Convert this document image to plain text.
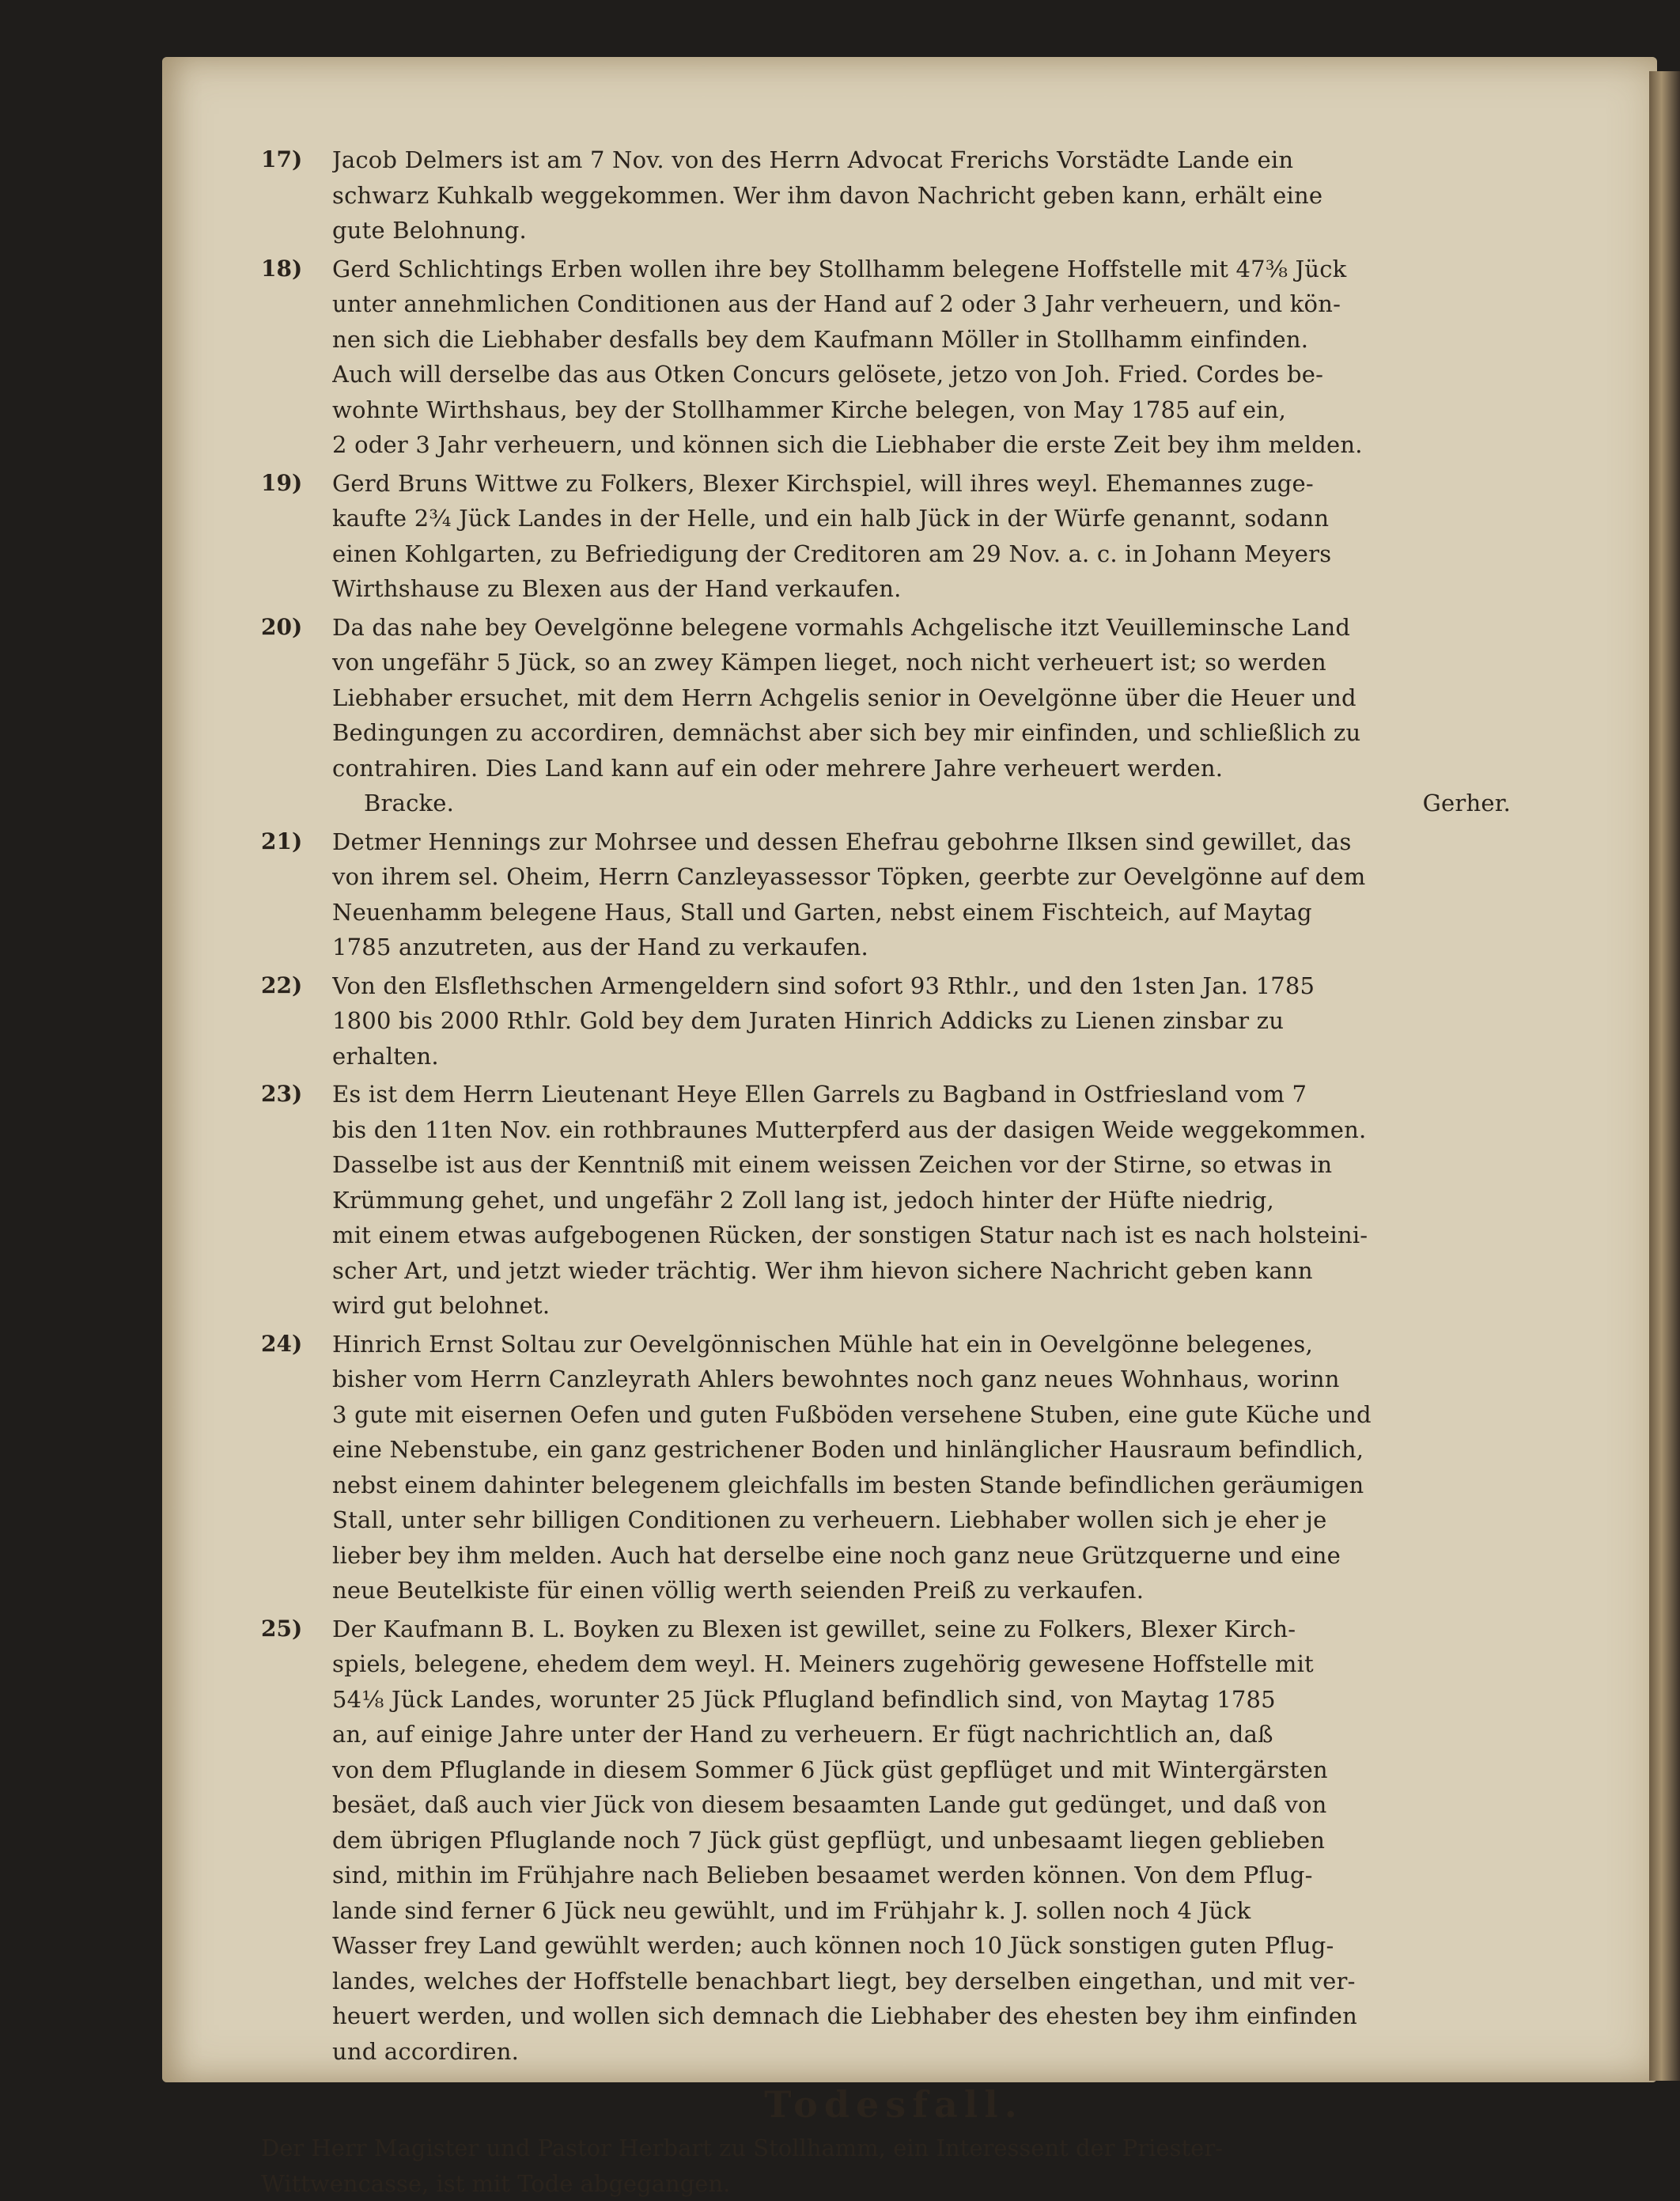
17)	Jacob Delmers ist am 7 Nov. von des Herrn Advocat Frerichs Vorstädte Lande ein
schwarz Kuhkalb weggekommen. Wer ihm davon Nachricht geben kann, erhält eine
gute Belohnung.
18)	Gerd Schlichtings Erben wollen ihre bey Stollhamm belegene Hoffstelle mit 47⅜ Jück
unter annehmlichen Conditionen aus der Hand auf 2 oder 3 Jahr verheuern, und kön-
nen sich die Liebhaber desfalls bey dem Kaufmann Möller in Stollhamm einfinden.
Auch will derselbe das aus Otken Concurs gelösete, jetzo von Joh. Fried. Cordes be-
wohnte Wirthshaus, bey der Stollhammer Kirche belegen, von May 1785 auf ein,
2 oder 3 Jahr verheuern, und können sich die Liebhaber die erste Zeit bey ihm melden.
19)	Gerd Bruns Wittwe zu Folkers, Blexer Kirchspiel, will ihres weyl. Ehemannes zuge-
kaufte 2¾ Jück Landes in der Helle, und ein halb Jück in der Würfe genannt, sodann
einen Kohlgarten, zu Befriedigung der Creditoren am 29 Nov. a. c. in Johann Meyers
Wirthshause zu Blexen aus der Hand verkaufen.
20)	Da das nahe bey Oevelgönne belegene vormahls Achgelische itzt Veuilleminsche Land
von ungefähr 5 Jück, so an zwey Kämpen lieget, noch nicht verheuert ist; so werden
Liebhaber ersuchet, mit dem Herrn Achgelis senior in Oevelgönne über die Heuer und
Bedingungen zu accordiren, demnächst aber sich bey mir einfinden, und schließlich zu
contrahiren. Dies Land kann auf ein oder mehrere Jahre verheuert werden.
Bracke.	Gerher.
21)	Detmer Hennings zur Mohrsee und dessen Ehefrau gebohrne Ilksen sind gewillet, das
von ihrem sel. Oheim, Herrn Canzleyassessor Töpken, geerbte zur Oevelgönne auf dem
Neuenhamm belegene Haus, Stall und Garten, nebst einem Fischteich, auf Maytag
1785 anzutreten, aus der Hand zu verkaufen.
22)	Von den Elsflethschen Armengeldern sind sofort 93 Rthlr., und den 1sten Jan. 1785
1800 bis 2000 Rthlr. Gold bey dem Juraten Hinrich Addicks zu Lienen zinsbar zu
erhalten.
23)	Es ist dem Herrn Lieutenant Heye Ellen Garrels zu Bagband in Ostfriesland vom 7
bis den 11ten Nov. ein rothbraunes Mutterpferd aus der dasigen Weide weggekommen.
Dasselbe ist aus der Kenntniß mit einem weissen Zeichen vor der Stirne, so etwas in
Krümmung gehet, und ungefähr 2 Zoll lang ist, jedoch hinter der Hüfte niedrig,
mit einem etwas aufgebogenen Rücken, der sonstigen Statur nach ist es nach holsteini-
scher Art, und jetzt wieder trächtig. Wer ihm hievon sichere Nachricht geben kann
wird gut belohnet.
24)	Hinrich Ernst Soltau zur Oevelgönnischen Mühle hat ein in Oevelgönne belegenes,
bisher vom Herrn Canzleyrath Ahlers bewohntes noch ganz neues Wohnhaus, worinn
3 gute mit eisernen Oefen und guten Fußböden versehene Stuben, eine gute Küche und
eine Nebenstube, ein ganz gestrichener Boden und hinlänglicher Hausraum befindlich,
nebst einem dahinter belegenem gleichfalls im besten Stande befindlichen geräumigen
Stall, unter sehr billigen Conditionen zu verheuern. Liebhaber wollen sich je eher je
lieber bey ihm melden. Auch hat derselbe eine noch ganz neue Grützquerne und eine
neue Beutelkiste für einen völlig werth seienden Preiß zu verkaufen.
25)	Der Kaufmann B. L. Boyken zu Blexen ist gewillet, seine zu Folkers, Blexer Kirch-
spiels, belegene, ehedem dem weyl. H. Meiners zugehörig gewesene Hoffstelle mit
54⅛ Jück Landes, worunter 25 Jück Pflugland befindlich sind, von Maytag 1785
an, auf einige Jahre unter der Hand zu verheuern. Er fügt nachrichtlich an, daß
von dem Pfluglande in diesem Sommer 6 Jück güst gepflüget und mit Wintergärsten
besäet, daß auch vier Jück von diesem besaamten Lande gut gedünget, und daß von
dem übrigen Pfluglande noch 7 Jück güst gepflügt, und unbesaamt liegen geblieben
sind, mithin im Frühjahre nach Belieben besaamet werden können. Von dem Pflug-
lande sind ferner 6 Jück neu gewühlt, und im Frühjahr k. J. sollen noch 4 Jück
Wasser frey Land gewühlt werden; auch können noch 10 Jück sonstigen guten Pflug-
landes, welches der Hoffstelle benachbart liegt, bey derselben eingethan, und mit ver-
heuert werden, und wollen sich demnach die Liebhaber des ehesten bey ihm einfinden
und accordiren.
Todesfall.
Der Herr Magister und Pastor Herbart zu Stollhamm, ein Interessent der Priester-
Wittwencasse, ist mit Tode abgegangen.
